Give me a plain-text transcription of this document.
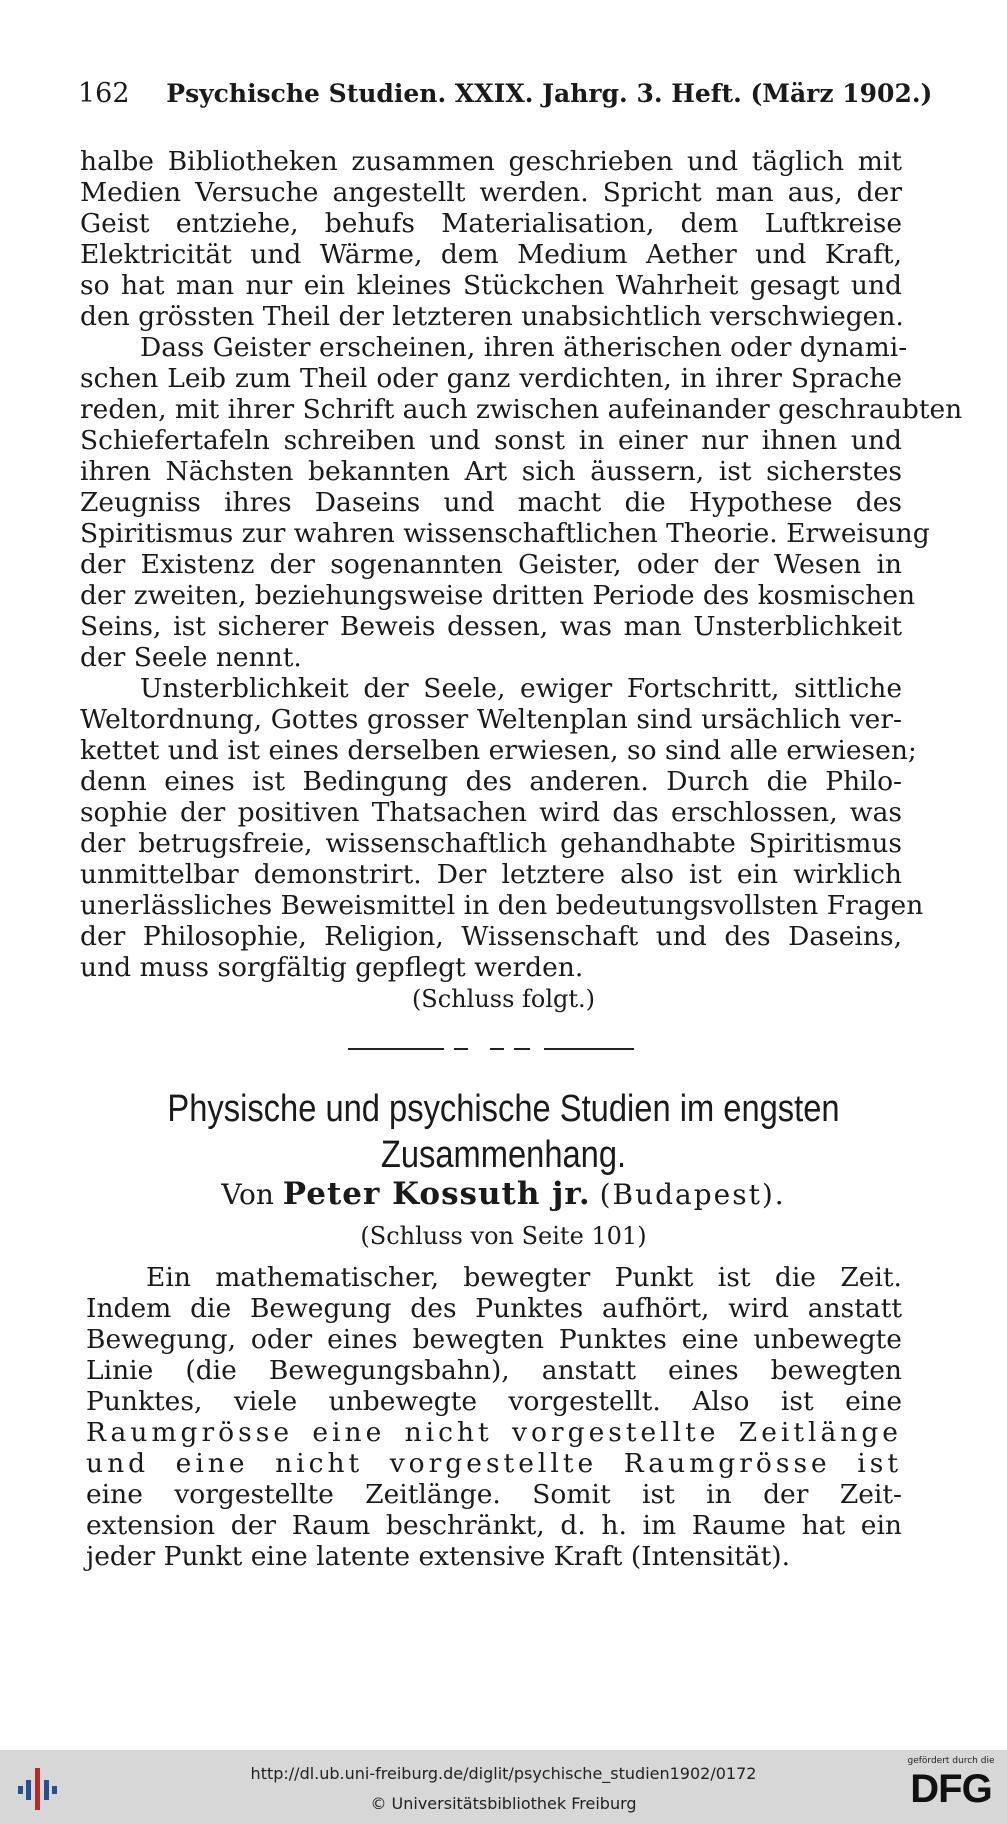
162 Psychische Studien. XXIX. Jahrg. 3. Heft. (März 1902.)
halbe Bibliotheken zusammen geschrieben und täglich mit
Medien Versuche angestellt werden. Spricht man aus, der
Geist entziehe, behufs Materialisation, dem Luftkreise
Elektricität und Wärme, dem Medium Aether und Kraft,
so hat man nur ein kleines Stückchen Wahrheit gesagt und
den grössten Theil der letzteren unabsichtlich verschwiegen.
Dass Geister erscheinen, ihren ätherischen oder dynami-
schen Leib zum Theil oder ganz verdichten, in ihrer Sprache
reden, mit ihrer Schrift auch zwischen aufeinander geschraubten
Schiefertafeln schreiben und sonst in einer nur ihnen und
ihren Nächsten bekannten Art sich äussern, ist sicherstes
Zeugniss ihres Daseins und macht die Hypothese des
Spiritismus zur wahren wissenschaftlichen Theorie. Erweisung
der Existenz der sogenannten Geister, oder der Wesen in
der zweiten, beziehungsweise dritten Periode des kosmischen
Seins, ist sicherer Beweis dessen, was man Unsterblichkeit
der Seele nennt.
Unsterblichkeit der Seele, ewiger Fortschritt, sittliche
Weltordnung, Gottes grosser Weltenplan sind ursächlich ver-
kettet und ist eines derselben erwiesen, so sind alle erwiesen;
denn eines ist Bedingung des anderen. Durch die Philo-
sophie der positiven Thatsachen wird das erschlossen, was
der betrugsfreie, wissenschaftlich gehandhabte Spiritismus
unmittelbar demonstrirt. Der letztere also ist ein wirklich
unerlässliches Beweismittel in den bedeutungsvollsten Fragen
der Philosophie, Religion, Wissenschaft und des Daseins,
und muss sorgfältig gepflegt werden.
(Schluss folgt.)
Physische und psychische Studien im engsten
Zusammenhang.
Von Peter Kossuth jr. (Budapest).
(Schluss von Seite 101)
Ein mathematischer, bewegter Punkt ist die Zeit.
Indem die Bewegung des Punktes aufhört, wird anstatt
Bewegung, oder eines bewegten Punktes eine unbewegte
Linie (die Bewegungsbahn), anstatt eines bewegten
Punktes, viele unbewegte vorgestellt. Also ist eine
Raumgrösse eine nicht vorgestellte Zeitlänge
und eine nicht vorgestellte Raumgrösse ist
eine vorgestellte Zeitlänge. Somit ist in der Zeit-
extension der Raum beschränkt, d. h. im Raume hat ein
jeder Punkt eine latente extensive Kraft (Intensität).
http://dl.ub.uni-freiburg.de/diglit/psychische_studien1902/0172
© Universitätsbibliothek Freiburg
gefördert durch die
DFG
